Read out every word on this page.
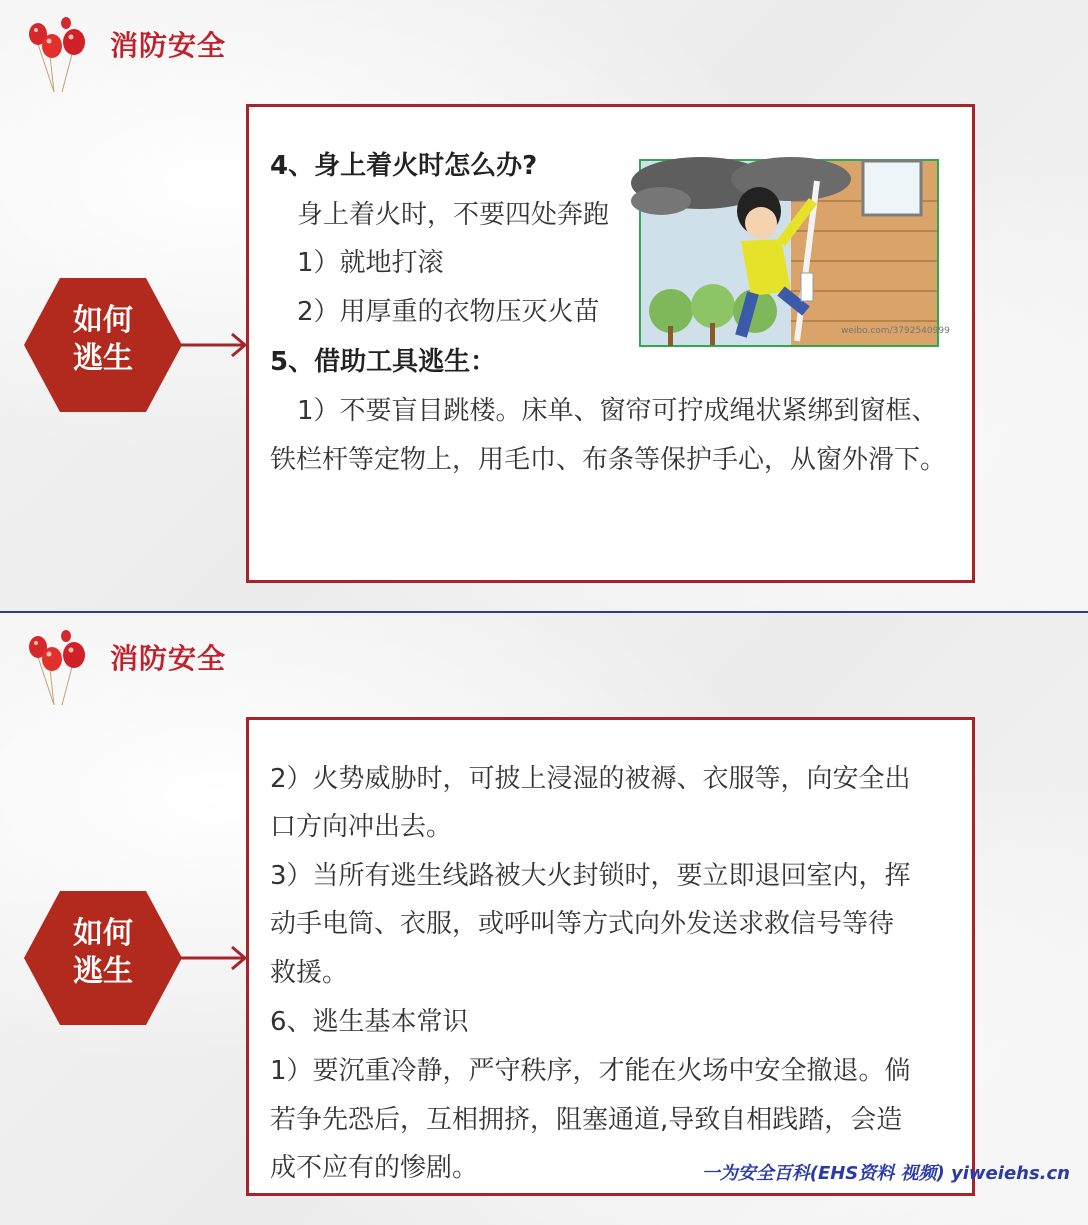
消防安全
如何
逃生

4、身上着火时怎么办?

身上着火时，不要四处奔跑

1）就地打滚

2）用厚重的衣物压灭火苗

5、借助工具逃生：

1）不要盲目跳楼。床单、窗帘可拧成绳状紧绑到窗框、

铁栏杆等定物上，用毛巾、布条等保护手心，从窗外滑下。

weibo.com/3792540999
消防安全
如何
逃生

2）火势威胁时，可披上浸湿的被褥、衣服等，向安全出

口方向冲出去。

3）当所有逃生线路被大火封锁时，要立即退回室内，挥

动手电筒、衣服，或呼叫等方式向外发送求救信号等待

救援。

6、逃生基本常识

1）要沉重冷静，严守秩序，才能在火场中安全撤退。倘

若争先恐后，互相拥挤，阻塞通道,导致自相践踏，会造

成不应有的惨剧。	一为安全百科(EHS资料 视频) yiweiehs.cn
